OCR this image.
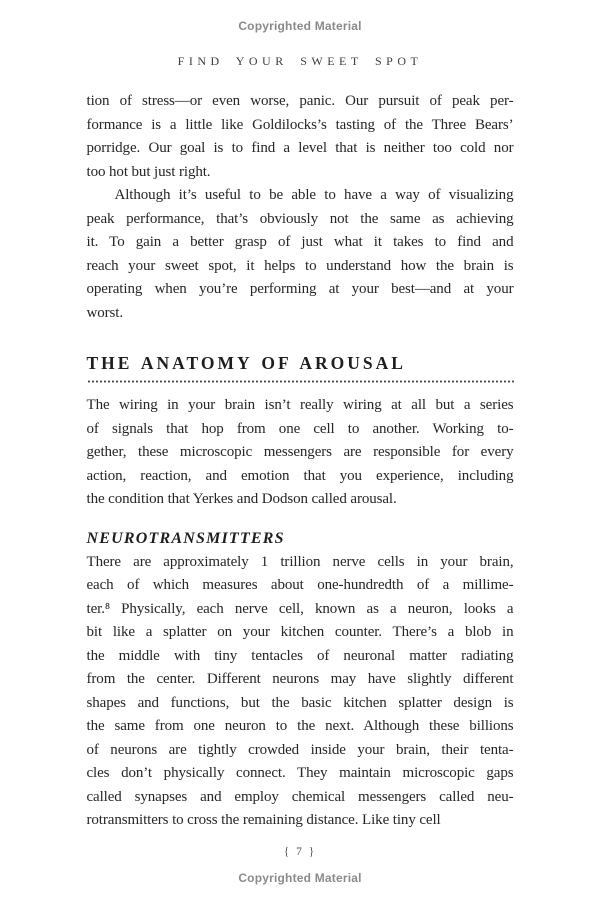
Copyrighted Material
FIND YOUR SWEET SPOT
tion of stress—or even worse, panic. Our pursuit of peak per-
formance is a little like Goldilocks’s tasting of the Three Bears’
porridge. Our goal is to find a level that is neither too cold nor
too hot but just right.
Although it’s useful to be able to have a way of visualizing
peak performance, that’s obviously not the same as achieving
it. To gain a better grasp of just what it takes to find and
reach your sweet spot, it helps to understand how the brain is
operating when you’re performing at your best—and at your
worst.
THE ANATOMY OF AROUSAL
The wiring in your brain isn’t really wiring at all but a series
of signals that hop from one cell to another. Working to-
gether, these microscopic messengers are responsible for every
action, reaction, and emotion that you experience, including
the condition that Yerkes and Dodson called arousal.
NEUROTRANSMITTERS
There are approximately 1 trillion nerve cells in your brain,
each of which measures about one-hundredth of a millime-
ter.⁸ Physically, each nerve cell, known as a neuron, looks a
bit like a splatter on your kitchen counter. There’s a blob in
the middle with tiny tentacles of neuronal matter radiating
from the center. Different neurons may have slightly different
shapes and functions, but the basic kitchen splatter design is
the same from one neuron to the next. Although these billions
of neurons are tightly crowded inside your brain, their tenta-
cles don’t physically connect. They maintain microscopic gaps
called synapses and employ chemical messengers called neu-
rotransmitters to cross the remaining distance. Like tiny cell
{ 7 }
Copyrighted Material
